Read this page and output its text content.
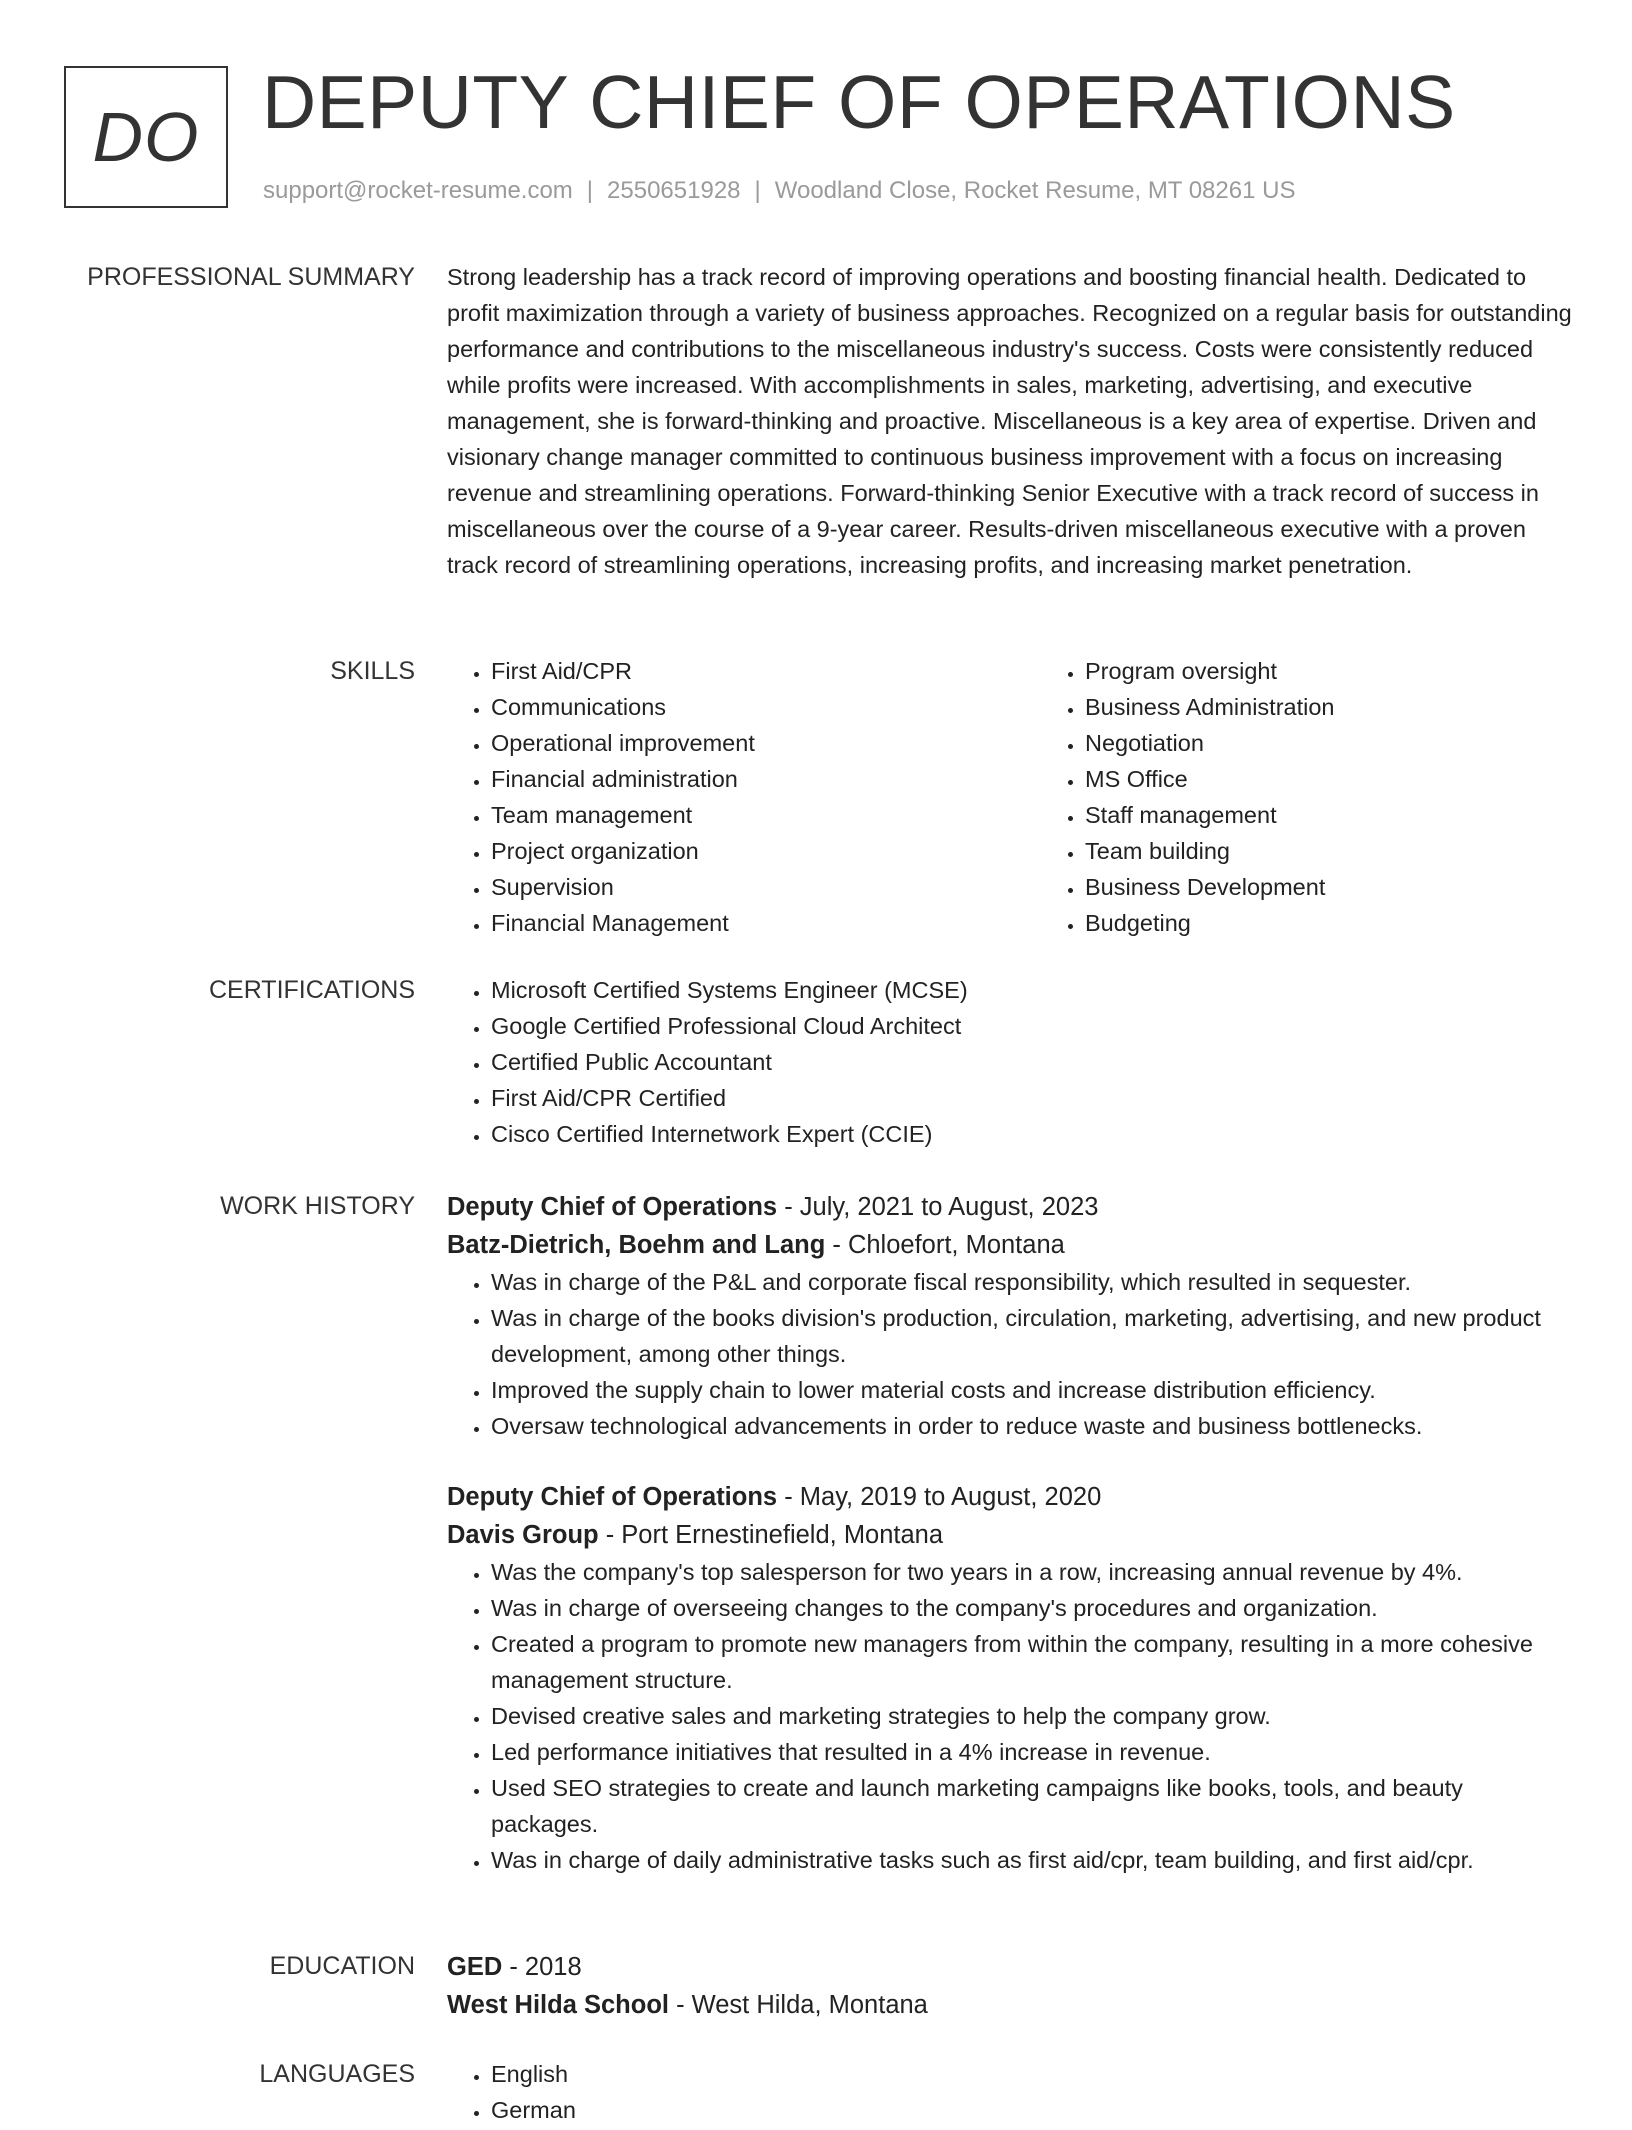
DO DEPUTY CHIEF OF OPERATIONS
support@rocket-resume.com | 2550651928 | Woodland Close, Rocket Resume, MT 08261 US
PROFESSIONAL SUMMARY Strong leadership has a track record of improving operations and boosting financial health. Dedicated to profit maximization through a variety of business approaches. Recognized on a regular basis for outstanding performance and contributions to the miscellaneous industry's success. Costs were consistently reduced while profits were increased. With accomplishments in sales, marketing, advertising, and executive management, she is forward-thinking and proactive. Miscellaneous is a key area of expertise. Driven and visionary change manager committed to continuous business improvement with a focus on increasing revenue and streamlining operations. Forward-thinking Senior Executive with a track record of success in miscellaneous over the course of a 9-year career. Results-driven miscellaneous executive with a proven track record of streamlining operations, increasing profits, and increasing market penetration.

SKILLS	• First Aid/CPR
• Communications
• Operational improvement
• Financial administration
• Team management
• Project organization
• Supervision
• Financial Management
• Program oversight
• Business Administration
• Negotiation
• MS Office
• Staff management
• Team building
• Business Development
• Budgeting
CERTIFICATIONS	• Microsoft Certified Systems Engineer (MCSE)
• Google Certified Professional Cloud Architect
• Certified Public Accountant
• First Aid/CPR Certified
• Cisco Certified Internetwork Expert (CCIE)
WORK HISTORY Deputy Chief of Operations - July, 2021 to August, 2023
Batz-Dietrich, Boehm and Lang - Chloefort, Montana
• Was in charge of the P&L and corporate fiscal responsibility, which resulted in sequester.
• Was in charge of the books division's production, circulation, marketing, advertising, and new product development, among other things.
• Improved the supply chain to lower material costs and increase distribution efficiency.
• Oversaw technological advancements in order to reduce waste and business bottlenecks.
Deputy Chief of Operations - May, 2019 to August, 2020
Davis Group - Port Ernestinefield, Montana
• Was the company's top salesperson for two years in a row, increasing annual revenue by 4%.
• Was in charge of overseeing changes to the company's procedures and organization.
• Created a program to promote new managers from within the company, resulting in a more cohesive management structure.
• Devised creative sales and marketing strategies to help the company grow.
• Led performance initiatives that resulted in a 4% increase in revenue.
• Used SEO strategies to create and launch marketing campaigns like books, tools, and beauty packages.
• Was in charge of daily administrative tasks such as first aid/cpr, team building, and first aid/cpr.
EDUCATION GED - 2018
West Hilda School - West Hilda, Montana
LANGUAGES	• English
• German
